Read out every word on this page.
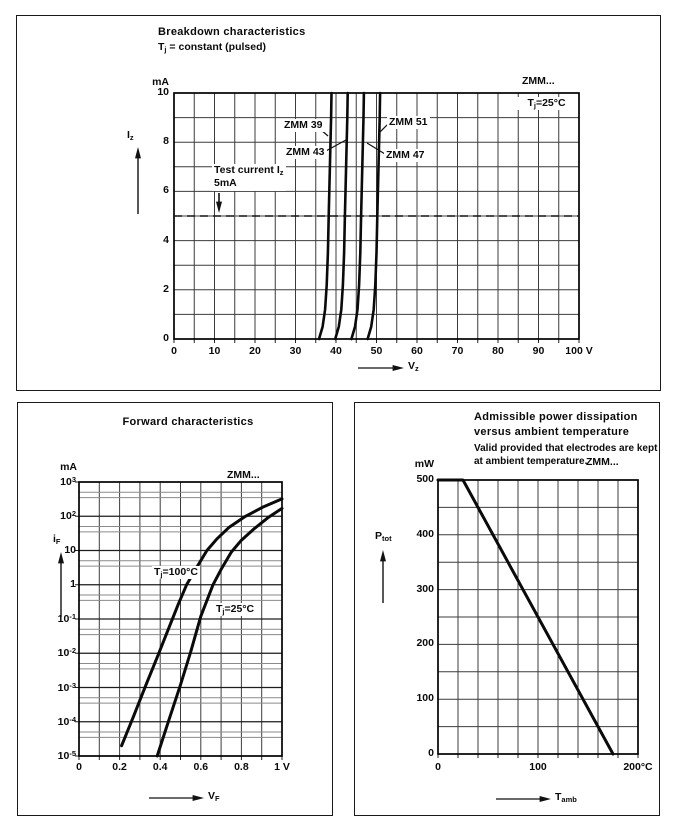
Breakdown characteristics
$T_j$ = constant (pulsed)
mA	ZMM...
$T_j=25^\circ C$
ZMM 39	ZMM 51
ZMM 43	ZMM 47
Test current $I_z$
5mA
$I_z$
$V_z$
0
2
4
6
8
10
0	10	20	30	40	50	60	70	80	90	100 V
Forward characteristics
mA
ZMM...
$T_j=100^\circ C$
$T_j=25^\circ C$
$i_F$
$V_F$
$10^3$
$10^2$
10
1
$10^{-1}$
$10^{-2}$
$10^{-3}$
$10^{-4}$
$10^{-5}$
0	0.2	0.4	0.6	0.8	1 V
Admissible power dissipation
versus ambient temperature
Valid provided that electrodes are kept
at ambient temperature.
mW	ZMM...
$P_{tot}$
$T_{amb}$
0
100
200
300
400
500
0	100	200°C
